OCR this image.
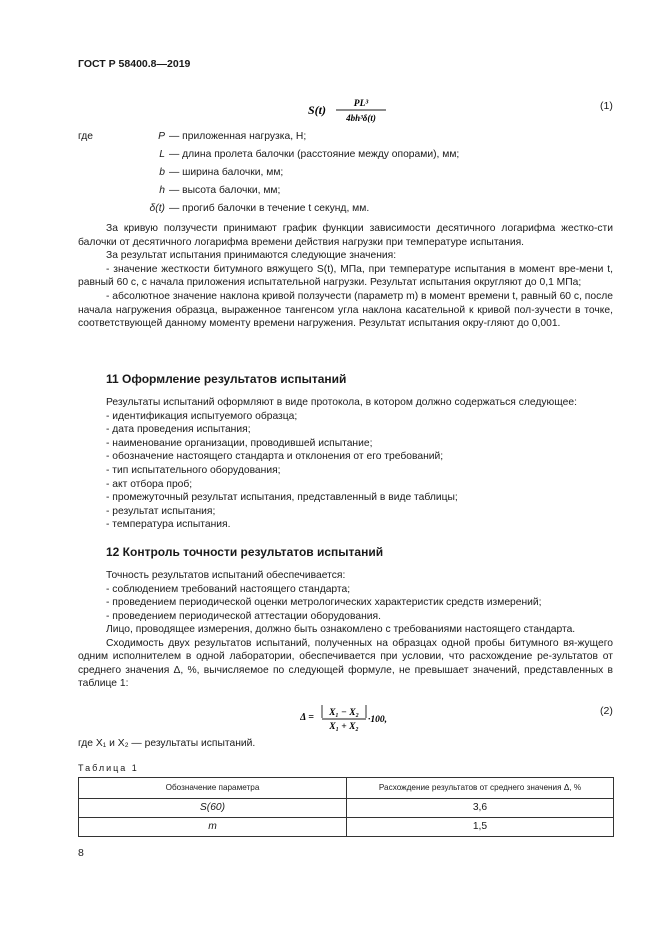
ГОСТ Р 58400.8—2019
S(t)	PL³
4bh³δ(t)
(1)
где	P — приложенная нагрузка, Н;
L — длина пролета балочки (расстояние между опорами), мм;
b — ширина балочки, мм;
h — высота балочки, мм;
δ(t) — прогиб балочки в течение t секунд, мм.

За кривую ползучести принимают график функции зависимости десятичного логарифма жестко-сти балочки от десятичного логарифма времени действия нагрузки при температуре испытания.

За результат испытания принимаются следующие значения:

- значение жесткости битумного вяжущего S(t), МПа, при температуре испытания в момент вре-мени t, равный 60 с, с начала приложения испытательной нагрузки. Результат испытания округляют до 0,1 МПа;

- абсолютное значение наклона кривой ползучести (параметр m) в момент времени t, равный 60 с, после начала нагружения образца, выраженное тангенсом угла наклона касательной к кривой пол-зучести в точке, соответствующей данному моменту времени нагружения. Результат испытания окру-гляют до 0,001.

11 Оформление результатов испытаний
Результаты испытаний оформляют в виде протокола, в котором должно содержаться следующее:
- идентификация испытуемого образца;
- дата проведения испытания;
- наименование организации, проводившей испытание;
- обозначение настоящего стандарта и отклонения от его требований;
- тип испытательного оборудования;
- акт отбора проб;
- промежуточный результат испытания, представленный в виде таблицы;
- результат испытания;
- температура испытания.
12 Контроль точности результатов испытаний
Точность результатов испытаний обеспечивается:
- соблюдением требований настоящего стандарта;
- проведением периодической оценки метрологических характеристик средств измерений;
- проведением периодической аттестации оборудования.

Лицо, проводящее измерения, должно быть ознакомлено с требованиями настоящего стандарта.

Сходимость двух результатов испытаний, полученных на образцах одной пробы битумного вя-жущего одним исполнителем в одной лаборатории, обеспечивается при условии, что расхождение ре-зультатов от среднего значения Δ, %, вычисляемое по следующей формуле, не превышает значений, представленных в таблице 1:

Δ = X₁ − X₂
X₁ + X₂
·100,
(2)
где X₁ и X₂ — результаты испытаний.
Таблица 1
Обозначение параметра	Расхождение результатов от среднего значения Δ, %
S(60)	3,6
m	1,5
8
